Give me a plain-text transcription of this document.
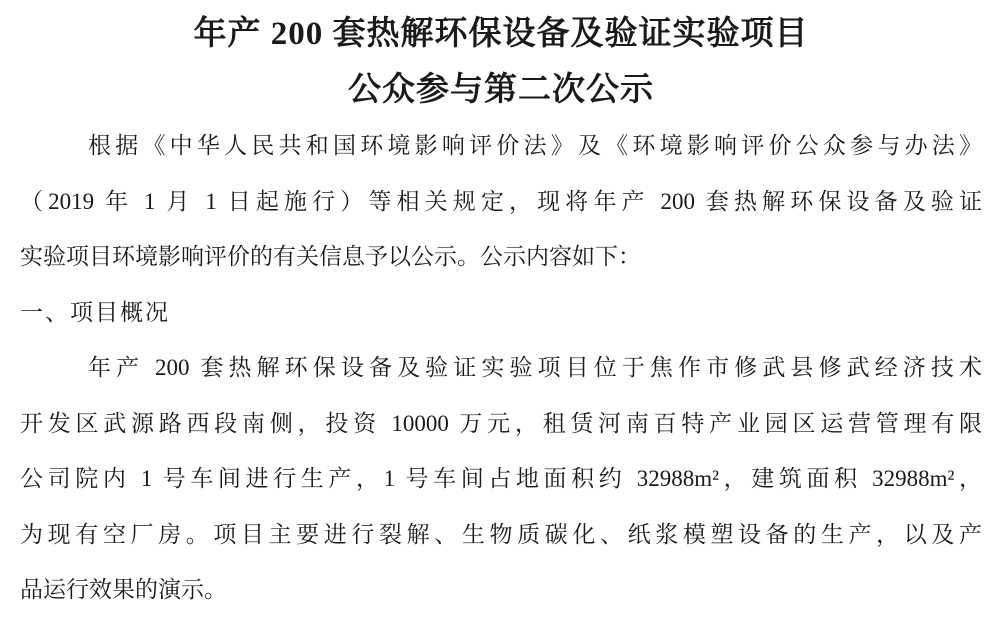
年产 200 套热解环保设备及验证实验项目
公众参与第二次公示

根据《中华人民共和国环境影响评价法》及《环境影响评价公众参与办法》
（2019 年 1 月 1 日起施行）等相关规定，现将年产 200 套热解环保设备及验证
实验项目环境影响评价的有关信息予以公示。公示内容如下：

一、项目概况

年产 200 套热解环保设备及验证实验项目位于焦作市修武县修武经济技术
开发区武源路西段南侧，投资 10000 万元，租赁河南百特产业园区运营管理有限
公司院内 1 号车间进行生产，1 号车间占地面积约 32988m²，建筑面积 32988m²，
为现有空厂房。项目主要进行裂解、生物质碳化、纸浆模塑设备的生产，以及产
品运行效果的演示。
